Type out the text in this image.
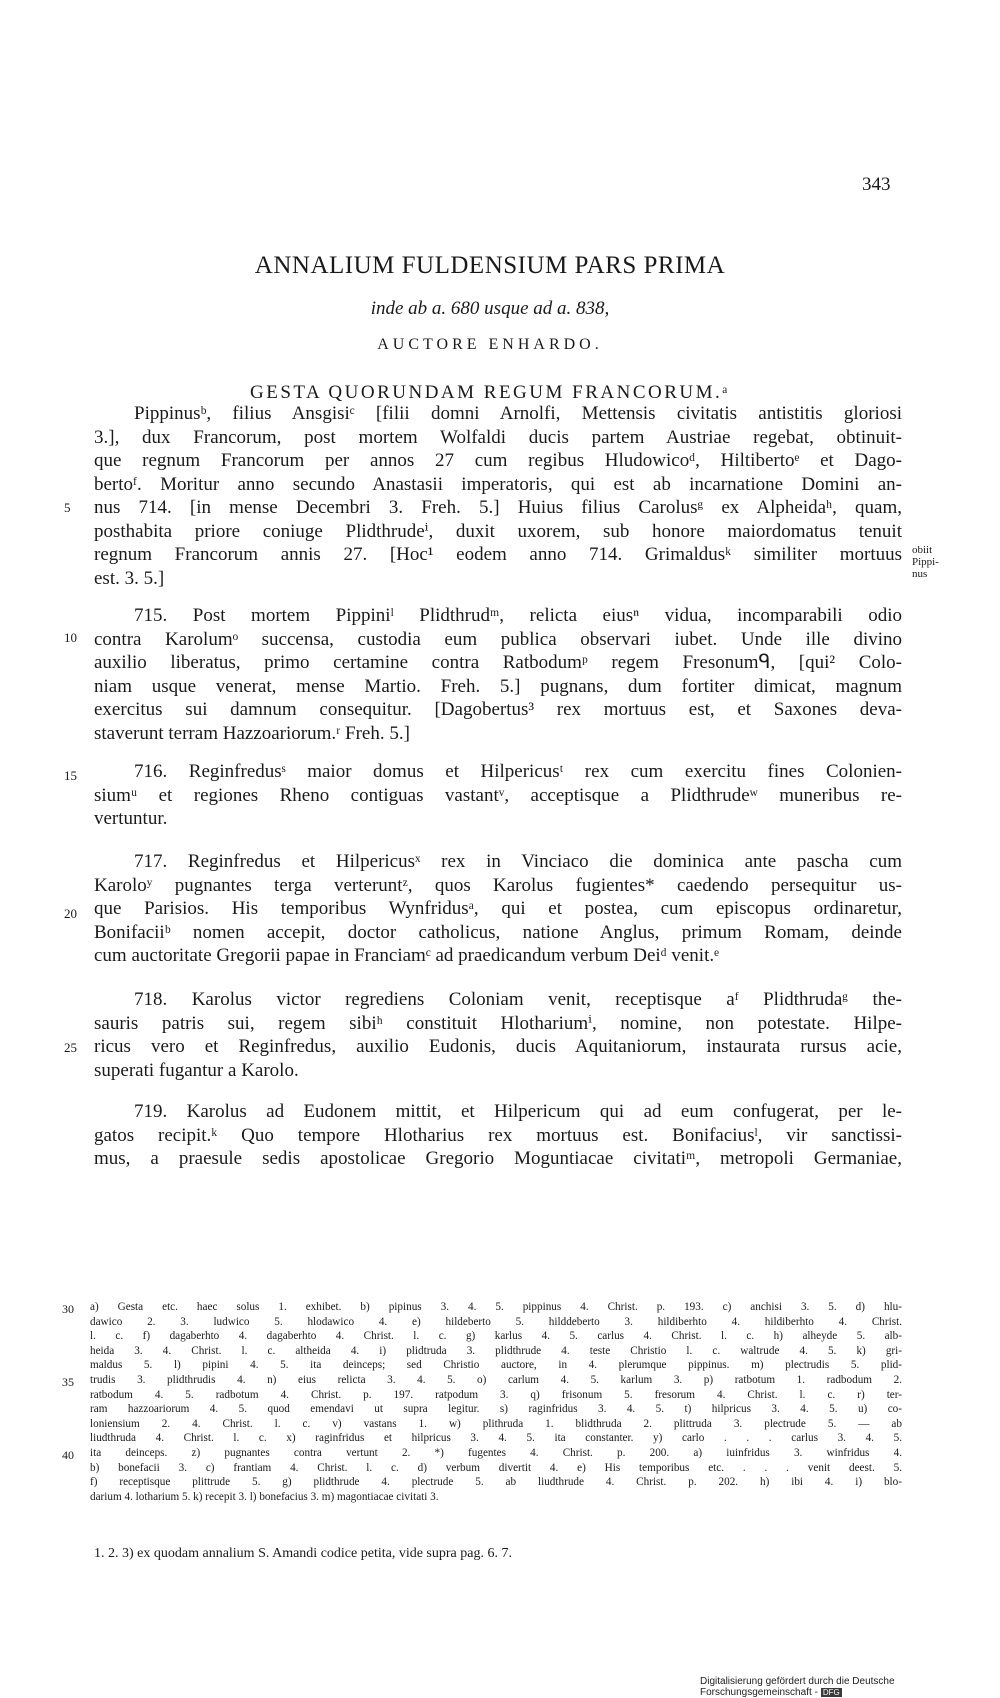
343
ANNALIUM FULDENSIUM PARS PRIMA
inde ab a. 680 usque ad a. 838,
AUCTORE ENHARDO.
GESTA QUORUNDAM REGUM FRANCORUM.ᵃ
Pippinusᵇ, filius Ansgisiᶜ [filii domni Arnolfi, Mettensis civitatis antistitis gloriosi
3.], dux Francorum, post mortem Wolfaldi ducis partem Austriae regebat, obtinuit-
que regnum Francorum per annos 27 cum regibus Hludowicoᵈ, Hiltibertoᵉ et Dago-
bertoᶠ. Moritur anno secundo Anastasii imperatoris, qui est ab incarnatione Domini an-
nus 714. [in mense Decembri 3. Freh. 5.] Huius filius Carolusᵍ ex Alpheidaʰ, quam,
posthabita priore coniuge Plidthrudeⁱ, duxit uxorem, sub honore maiordomatus tenuit
regnum Francorum annis 27. [Hoc¹ eodem anno 714. Grimaldusᵏ similiter mortuus
est. 3. 5.]
obiit
Pippi-
nus
715. Post mortem Pippiniˡ Plidthrudᵐ, relicta eiusⁿ vidua, incomparabili odio
contra Karolumᵒ succensa, custodia eum publica observari iubet. Unde ille divino
auxilio liberatus, primo certamine contra Ratbodumᵖ regem Fresonumᑫ, [qui² Colo-
niam usque venerat, mense Martio. Freh. 5.] pugnans, dum fortiter dimicat, magnum
exercitus sui damnum consequitur. [Dagobertus³ rex mortuus est, et Saxones deva-
staverunt terram Hazzoariorum.ʳ Freh. 5.]
716. Reginfredusˢ maior domus et Hilpericusᵗ rex cum exercitu fines Colonien-
siumᵘ et regiones Rheno contiguas vastantᵛ, acceptisque a Plidthrudeʷ muneribus re-
vertuntur.
717. Reginfredus et Hilpericusˣ rex in Vinciaco die dominica ante pascha cum
Karoloʸ pugnantes terga verteruntᶻ, quos Karolus fugientes* caedendo persequitur us-
que Parisios. His temporibus Wynfridusᵃ, qui et postea, cum episcopus ordinaretur,
Bonifaciiᵇ nomen accepit, doctor catholicus, natione Anglus, primum Romam, deinde
cum auctoritate Gregorii papae in Franciamᶜ ad praedicandum verbum Deiᵈ venit.ᵉ
718. Karolus victor regrediens Coloniam venit, receptisque aᶠ Plidthrudaᵍ the-
sauris patris sui, regem sibiʰ constituit Hlothariumⁱ, nomine, non potestate. Hilpe-
ricus vero et Reginfredus, auxilio Eudonis, ducis Aquitaniorum, instaurata rursus acie,
superati fugantur a Karolo.
719. Karolus ad Eudonem mittit, et Hilpericum qui ad eum confugerat, per le-
gatos recipit.ᵏ Quo tempore Hlotharius rex mortuus est. Bonifaciusˡ, vir sanctissi-
mus, a praesule sedis apostolicae Gregorio Moguntiacae civitatiᵐ, metropoli Germaniae,
5
10
15
20
25
a) Gesta etc. haec solus 1. exhibet. b) pipinus 3. 4. 5. pippinus 4. Christ. p. 193. c) anchisi 3. 5. d) hlu-
dawico 2. 3. ludwico 5. hlodawico 4. e) hildeberto 5. hilddeberto 3. hildiberhto 4. hildiberhto 4. Christ.
l. c. f) dagaberhto 4. dagaberhto 4. Christ. l. c. g) karlus 4. 5. carlus 4. Christ. l. c. h) alheyde 5. alb-
heida 3. 4. Christ. l. c. altheida 4. i) plidtruda 3. plidthrude 4. teste Christio l. c. waltrude 4. 5. k) gri-
maldus 5. l) pipini 4. 5. ita deinceps; sed Christio auctore, in 4. plerumque pippinus. m) plectrudis 5. plid-
trudis 3. plidthrudis 4. n) eius relicta 3. 4. 5. o) carlum 4. 5. karlum 3. p) ratbotum 1. radbodum 2.
ratbodum 4. 5. radbotum 4. Christ. p. 197. ratpodum 3. q) frisonum 5. fresorum 4. Christ. l. c. r) ter-
ram hazzoariorum 4. 5. quod emendavi ut supra legitur. s) raginfridus 3. 4. 5. t) hilpricus 3. 4. 5. u) co-
loniensium 2. 4. Christ. l. c. v) vastans 1. w) plithruda 1. blidthruda 2. plittruda 3. plectrude 5. — ab
liudthruda 4. Christ. l. c. x) raginfridus et hilpricus 3. 4. 5. ita constanter. y) carlo . . . carlus 3. 4. 5.
ita deinceps. z) pugnantes contra vertunt 2. *) fugentes 4. Christ. p. 200. a) iuinfridus 3. winfridus 4.
b) bonefacii 3. c) frantiam 4. Christ. l. c. d) verbum divertit 4. e) His temporibus etc. . . . venit deest. 5.
f) receptisque plittrude 5. g) plidthrude 4. plectrude 5. ab liudthrude 4. Christ. p. 202. h) ibi 4. i) blo-
darium 4. lotharium 5. k) recepit 3. l) bonefacius 3. m) magontiacae civitati 3.
30
35
40
1. 2. 3) ex quodam annalium S. Amandi codice petita, vide supra pag. 6. 7.
Digitalisierung gefördert durch die Deutsche Forschungsgemeinschaft - DFG
